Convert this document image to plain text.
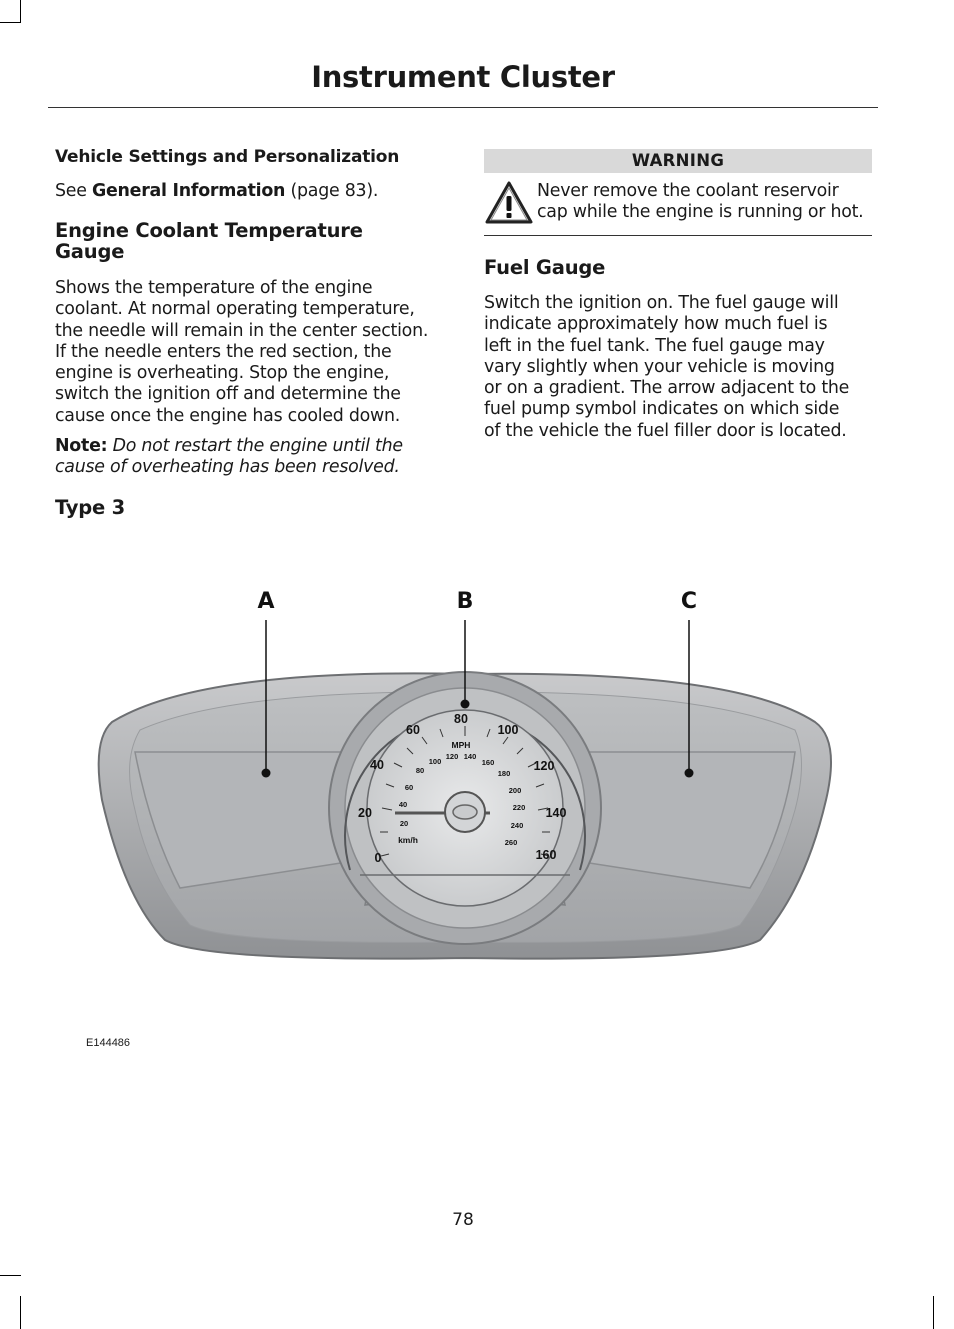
Instrument Cluster
Vehicle Settings and Personalization
See General Information (page 83).
Engine Coolant Temperature
Gauge
Shows the temperature of the engine
coolant. At normal operating temperature,
the needle will remain in the center section.
If the needle enters the red section, the
engine is overheating. Stop the engine,
switch the ignition off and determine the
cause once the engine has cooled down.
Note: Do not restart the engine until the
cause of overheating has been resolved.
Type 3
WARNING
Never remove the coolant reservoir
cap while the engine is running or hot.
Fuel Gauge
Switch the ignition on. The fuel gauge will
indicate approximately how much fuel is
left in the fuel tank. The fuel gauge may
vary slightly when your vehicle is moving
or on a gradient. The arrow adjacent to the
fuel pump symbol indicates on which side
of the vehicle the fuel filler door is located.
A	B	C
0
20
40
60
80
100
120
140
160
20
40
60
80
100
120 140
160
180
200
220
240
260
MPH
km/h
E144486
78
